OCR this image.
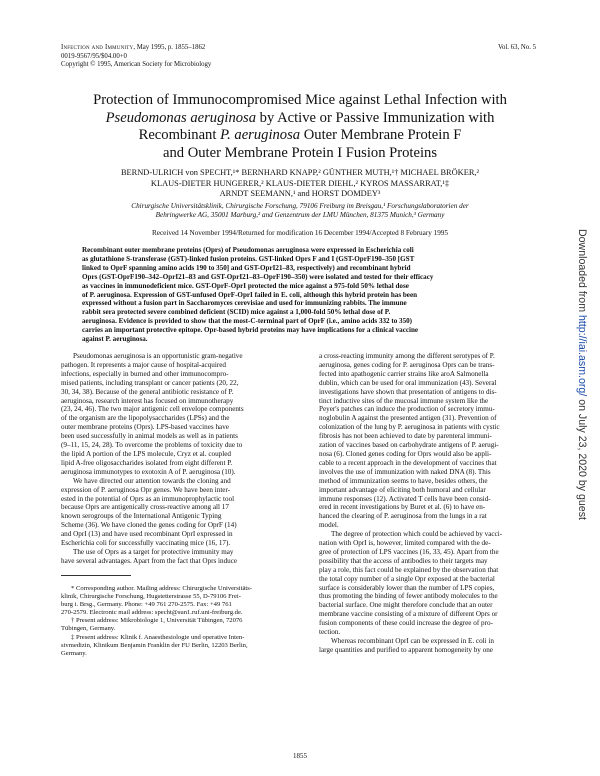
Infection and Immunity, May 1995, p. 1855–1862
0019-9567/95/$04.00+0
Copyright © 1995, American Society for Microbiology
Vol. 63, No. 5
Protection of Immunocompromised Mice against Lethal Infection with
Pseudomonas aeruginosa by Active or Passive Immunization with
Recombinant P. aeruginosa Outer Membrane Protein F
and Outer Membrane Protein I Fusion Proteins
BERND-ULRICH von SPECHT,¹* BERNHARD KNAPP,² GÜNTHER MUTH,¹† MICHAEL BRÖKER,²
KLAUS-DIETER HUNGERER,² KLAUS-DIETER DIEHL,² KYROS MASSARRAT,¹‡
ARNDT SEEMANN,¹ and HORST DOMDEY³
Chirurgische Universitätsklinik, Chirurgische Forschung, 79106 Freiburg im Breisgau,¹ Forschungslaboratorien der
Behringwerke AG, 35001 Marburg,² and Genzentrum der LMU München, 81375 Munich,³ Germany
Received 14 November 1994/Returned for modification 16 December 1994/Accepted 8 February 1995
Recombinant outer membrane proteins (Oprs) of Pseudomonas aeruginosa were expressed in Escherichia coli
as glutathione S-transferase (GST)-linked fusion proteins. GST-linked Oprs F and I (GST-OprF190–350 [GST
linked to OprF spanning amino acids 190 to 350] and GST-OprI21–83, respectively) and recombinant hybrid
Oprs (GST-OprF190–342–OprI21–83 and GST-OprI21–83–OprF190–350) were isolated and tested for their efficacy
as vaccines in immunodeficient mice. GST-OprF-OprI protected the mice against a 975-fold 50% lethal dose
of P. aeruginosa. Expression of GST-unfused OprF-OprI failed in E. coli, although this hybrid protein has been
expressed without a fusion part in Saccharomyces cerevisiae and used for immunizing rabbits. The immune
rabbit sera protected severe combined deficient (SCID) mice against a 1,000-fold 50% lethal dose of P.
aeruginosa. Evidence is provided to show that the most-C-terminal part of OprF (i.e., amino acids 332 to 350)
carries an important protective epitope. Opr-based hybrid proteins may have implications for a clinical vaccine
against P. aeruginosa.
Pseudomonas aeruginosa is an opportunistic gram-negative
pathogen. It represents a major cause of hospital-acquired
infections, especially in burned and other immunocompro-
mised patients, including transplant or cancer patients (20, 22,
30, 34, 38). Because of the general antibiotic resistance of P.
aeruginosa, research interest has focused on immunotherapy
(23, 24, 46). The two major antigenic cell envelope components
of the organism are the lipopolysaccharides (LPSs) and the
outer membrane proteins (Oprs). LPS-based vaccines have
been used successfully in animal models as well as in patients
(9–11, 15, 24, 28). To overcome the problems of toxicity due to
the lipid A portion of the LPS molecule, Cryz et al. coupled
lipid A-free oligosaccharides isolated from eight different P.
aeruginosa immunotypes to exotoxin A of P. aeruginosa (10).
We have directed our attention towards the cloning and
expression of P. aeruginosa Opr genes. We have been inter-
ested in the potential of Oprs as an immunoprophylactic tool
because Oprs are antigenically cross-reactive among all 17
known serogroups of the International Antigenic Typing
Scheme (36). We have cloned the genes coding for OprF (14)
and OprI (13) and have used recombinant OprI expressed in
Escherichia coli for successfully vaccinating mice (16, 17).
The use of Oprs as a target for protective immunity may
have several advantages. Apart from the fact that Oprs induce
* Corresponding author. Mailing address: Chirurgische Universitäts-
klinik, Chirurgische Forschung, Hugstetterstrasse 55, D-79106 Frei-
burg i. Brsg., Germany. Phone: +49 761 270-2575. Fax: +49 761
270-2579. Electronic mail address: specht@sun1.ruf.uni-freiburg.de.
† Present address: Mikrobiologie 1, Universität Tübingen, 72076
Tübingen, Germany.
‡ Present address: Klinik f. Anaesthesiologie und operative Inten-
sivmedizin, Klinikum Benjamin Franklin der FU Berlin, 12203 Berlin,
Germany.
a cross-reacting immunity among the different serotypes of P.
aeruginosa, genes coding for P. aeruginosa Oprs can be trans-
fected into apathogenic carrier strains like aroA Salmonella
dublin, which can be used for oral immunization (43). Several
investigations have shown that presentation of antigens to dis-
tinct inductive sites of the mucosal immune system like the
Peyer's patches can induce the production of secretory immu-
noglobulin A against the presented antigen (31). Prevention of
colonization of the lung by P. aeruginosa in patients with cystic
fibrosis has not been achieved to date by parenteral immuni-
zation of vaccines based on carbohydrate antigens of P. aerugi-
nosa (6). Cloned genes coding for Oprs would also be appli-
cable to a recent approach in the development of vaccines that
involves the use of immunization with naked DNA (8). This
method of immunization seems to have, besides others, the
important advantage of eliciting both humoral and cellular
immune responses (12). Activated T cells have been consid-
ered in recent investigations by Buret et al. (6) to have en-
hanced the clearing of P. aeruginosa from the lungs in a rat
model.
The degree of protection which could be achieved by vacci-
nation with OprI is, however, limited compared with the de-
gree of protection of LPS vaccines (16, 33, 45). Apart from the
possibility that the access of antibodies to their targets may
play a role, this fact could be explained by the observation that
the total copy number of a single Opr exposed at the bacterial
surface is considerably lower than the number of LPS copies,
thus promoting the binding of fewer antibody molecules to the
bacterial surface. One might therefore conclude that an outer
membrane vaccine consisting of a mixture of different Oprs or
fusion components of these could increase the degree of pro-
tection.
Whereas recombinant OprI can be expressed in E. coli in
large quantities and purified to apparent homogeneity by one
1855
Downloaded from http://iai.asm.org/ on July 23, 2020 by guest
